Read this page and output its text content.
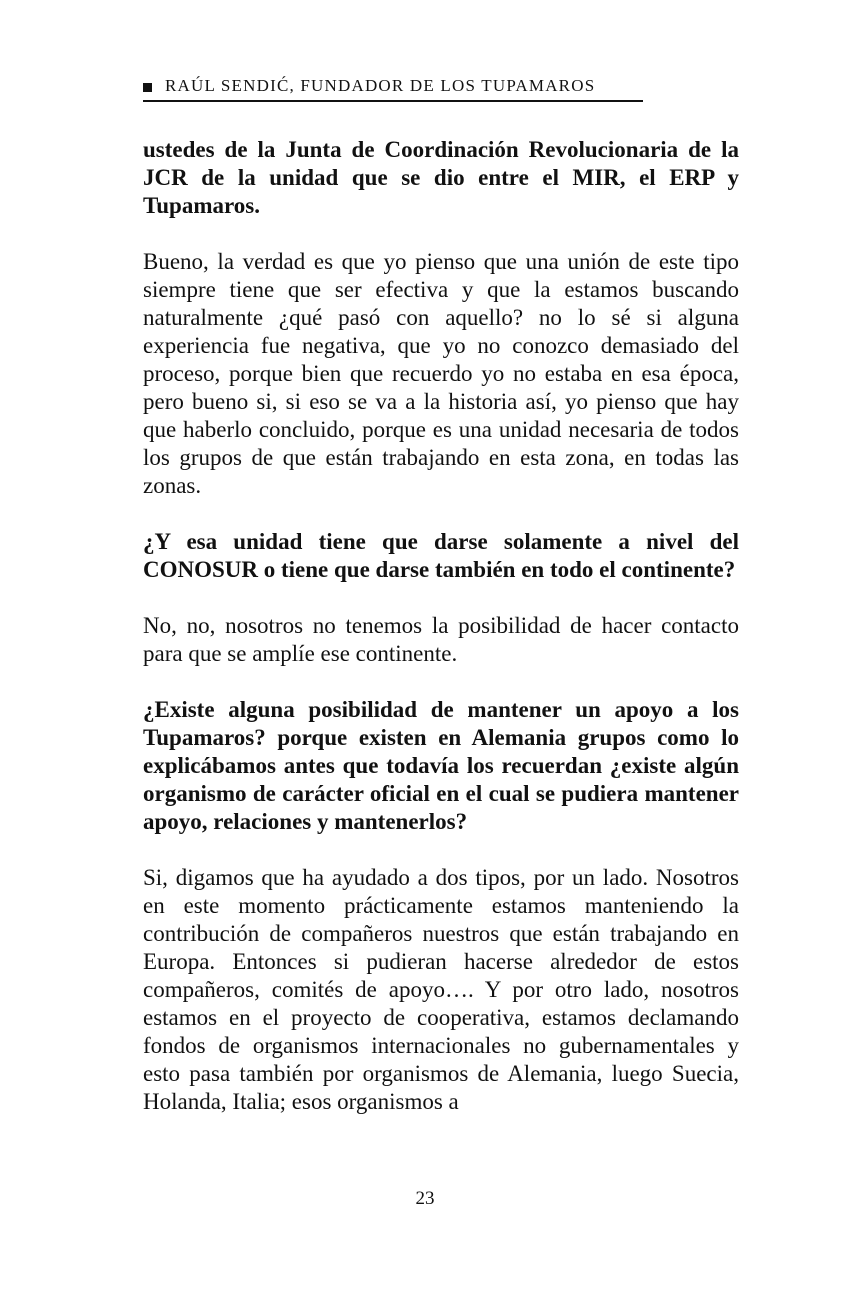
RAÚL SENDIĆ, FUNDADOR DE LOS TUPAMAROS

ustedes de la Junta de Coordinación Revolucionaria de la JCR de la unidad que se dio entre el MIR, el ERP y Tupamaros.

Bueno, la verdad es que yo pienso que una unión de este tipo siempre tiene que ser efectiva y que la estamos buscando naturalmente ¿qué pasó con aquello? no lo sé si alguna experiencia fue negativa, que yo no conozco demasiado del proceso, porque bien que recuerdo yo no estaba en esa época, pero bueno si, si eso se va a la historia así, yo pienso que hay que haberlo concluido, porque es una unidad necesaria de todos los grupos de que están trabajando en esta zona, en todas las zonas.

¿Y esa unidad tiene que darse solamente a nivel del CONOSUR o tiene que darse también en todo el continente?

No, no, nosotros no tenemos la posibilidad de hacer contacto para que se amplíe ese continente.

¿Existe alguna posibilidad de mantener un apoyo a los Tupamaros? porque existen en Alemania grupos como lo explicábamos antes que todavía los recuerdan ¿existe algún organismo de carácter oficial en el cual se pudiera mantener apoyo, relaciones y mantenerlos?

Si, digamos que ha ayudado a dos tipos, por un lado. Nosotros en este momento prácticamente estamos manteniendo la contribución de compañeros nuestros que están trabajando en Europa. Entonces si pudieran hacerse alrededor de estos compañeros, comités de apoyo…. Y por otro lado, nosotros estamos en el proyecto de cooperativa, estamos declamando fondos de organismos internacionales no gubernamentales y esto pasa también por organismos de Alemania, luego Suecia, Holanda, Italia; esos organismos a

23
